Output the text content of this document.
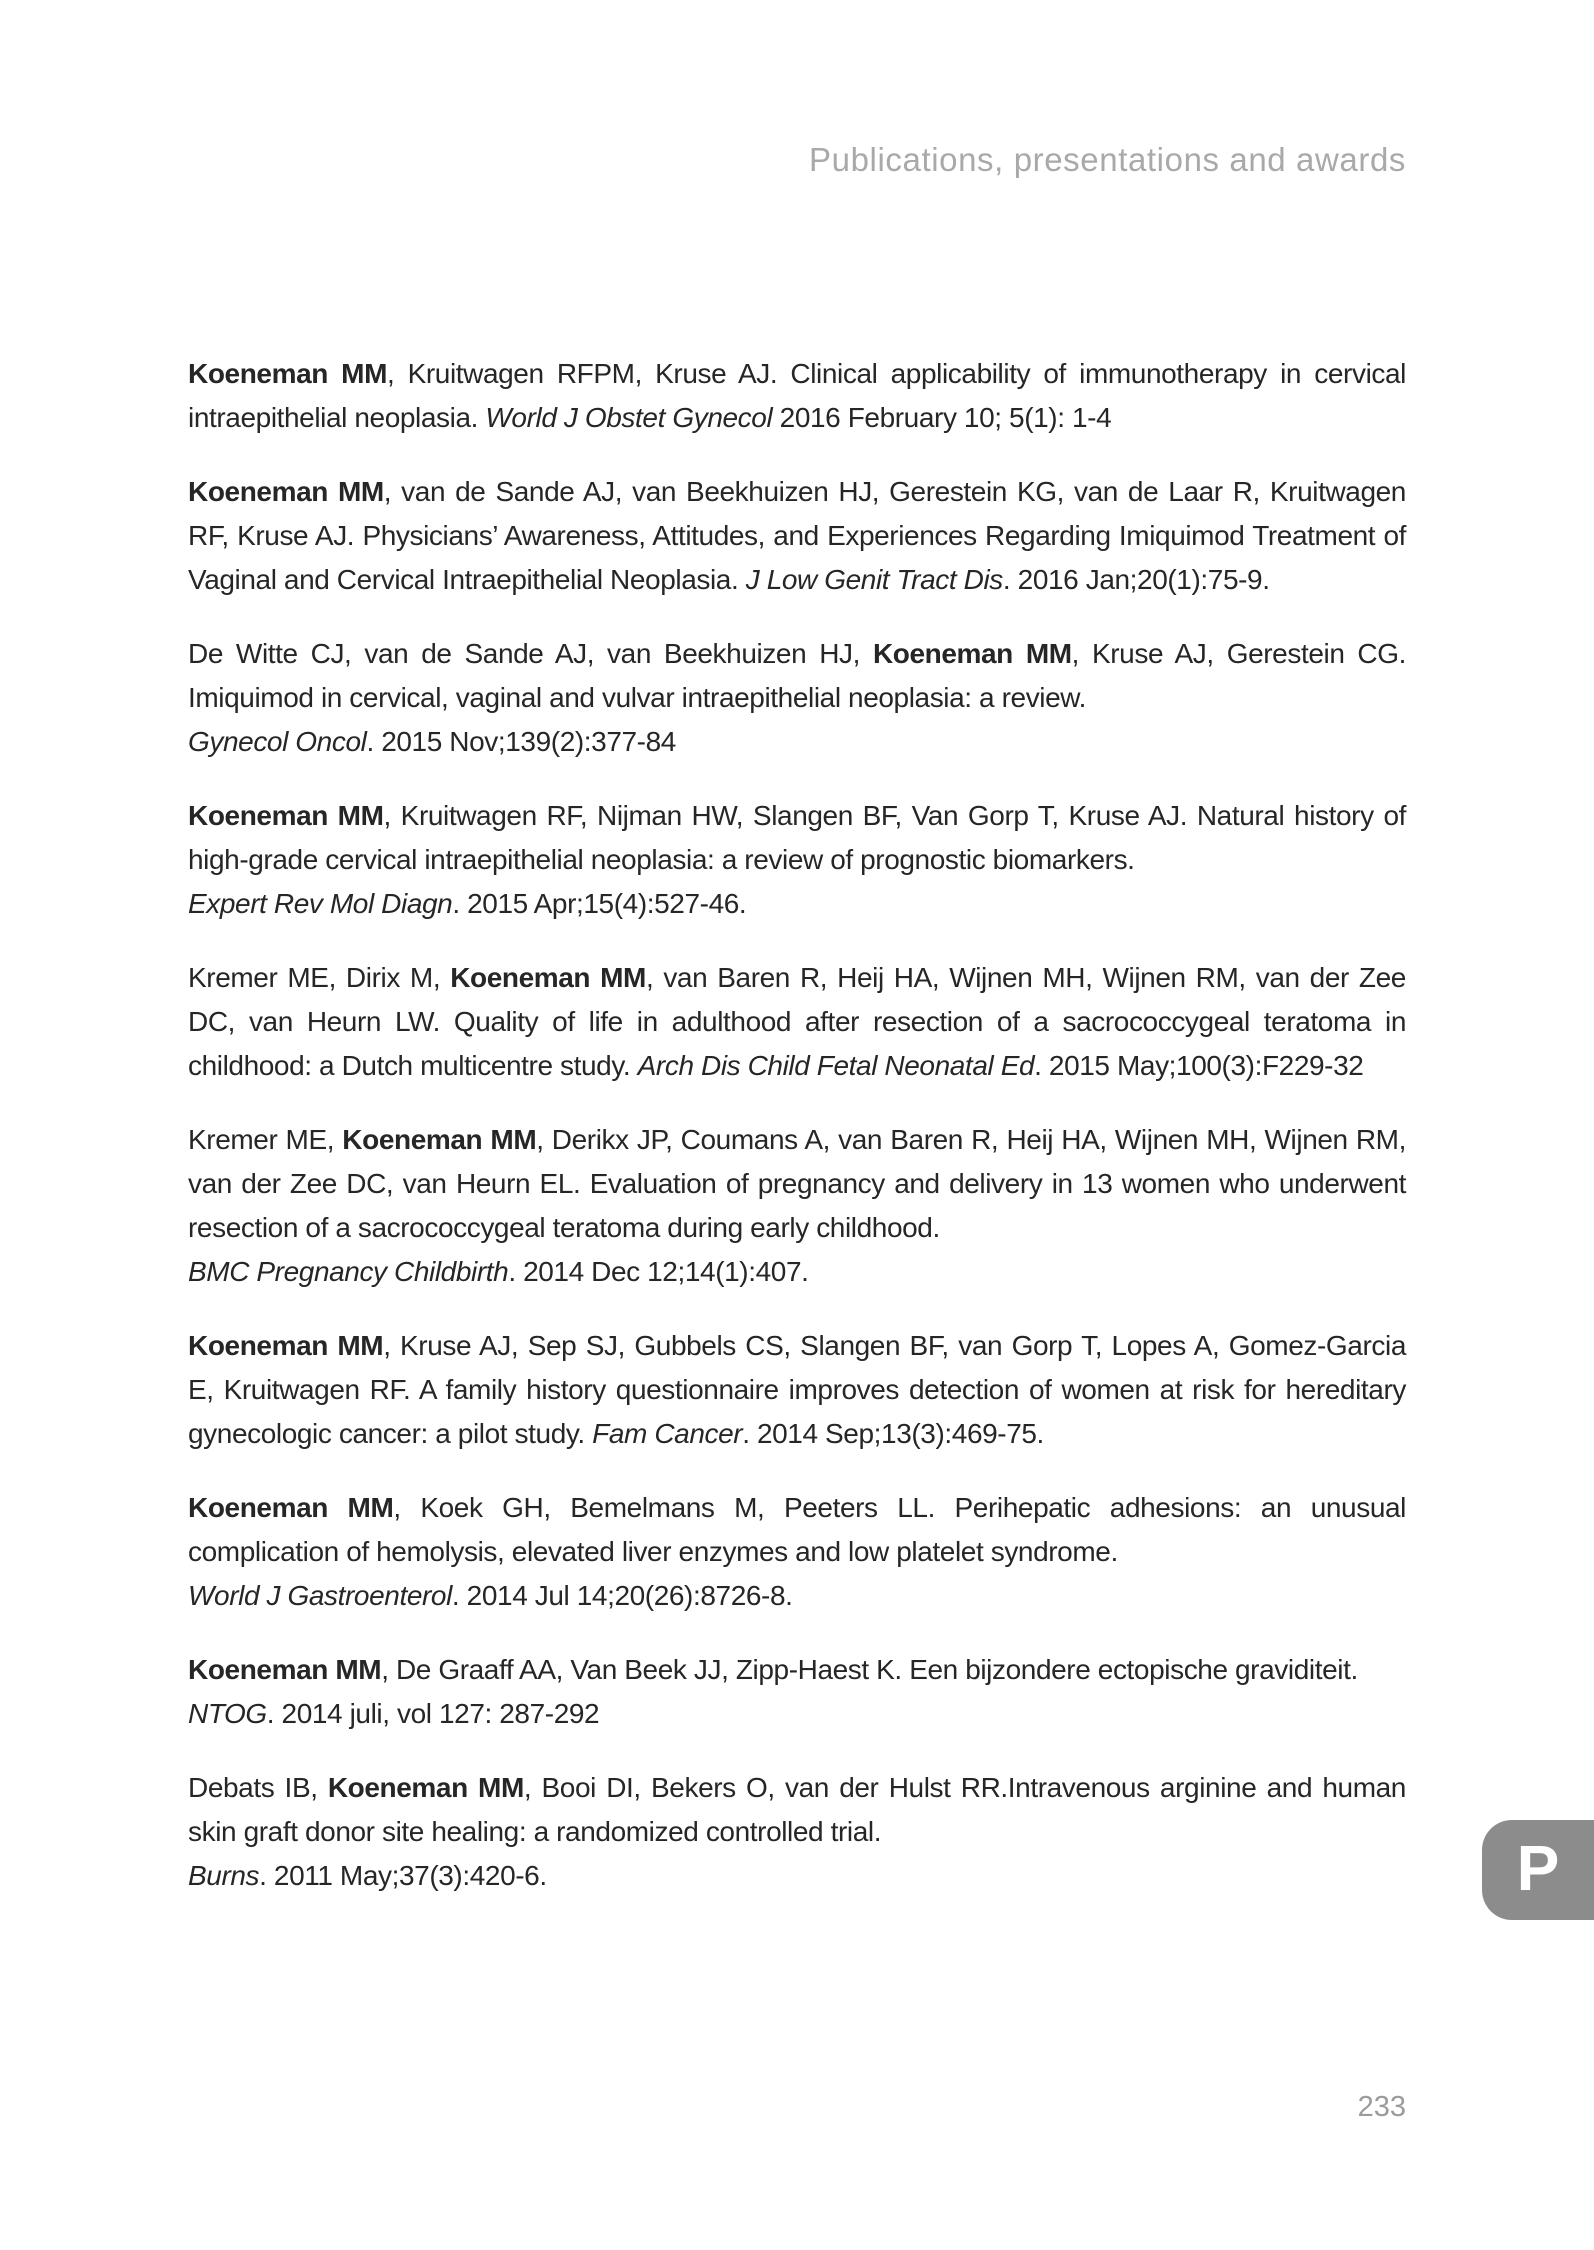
Publications, presentations and awards

Koeneman MM, Kruitwagen RFPM, Kruse AJ. Clinical applicability of immunotherapy in cervical intraepithelial neoplasia. World J Obstet Gynecol 2016 February 10; 5(1): 1-4

Koeneman MM, van de Sande AJ, van Beekhuizen HJ, Gerestein KG, van de Laar R, Kruitwagen RF, Kruse AJ. Physicians’ Awareness, Attitudes, and Experiences Regarding Imiquimod Treatment of Vaginal and Cervical Intraepithelial Neoplasia. J Low Genit Tract Dis. 2016 Jan;20(1):75-9.

De Witte CJ, van de Sande AJ, van Beekhuizen HJ, Koeneman MM, Kruse AJ, Gerestein CG. Imiquimod in cervical, vaginal and vulvar intraepithelial neoplasia: a review.
Gynecol Oncol. 2015 Nov;139(2):377-84

Koeneman MM, Kruitwagen RF, Nijman HW, Slangen BF, Van Gorp T, Kruse AJ. Natural history of high-grade cervical intraepithelial neoplasia: a review of prognostic biomarkers.
Expert Rev Mol Diagn. 2015 Apr;15(4):527-46.

Kremer ME, Dirix M, Koeneman MM, van Baren R, Heij HA, Wijnen MH, Wijnen RM, van der Zee DC, van Heurn LW. Quality of life in adulthood after resection of a sacrococcygeal teratoma in childhood: a Dutch multicentre study. Arch Dis Child Fetal Neonatal Ed. 2015 May;100(3):F229-32

Kremer ME, Koeneman MM, Derikx JP, Coumans A, van Baren R, Heij HA, Wijnen MH, Wijnen RM, van der Zee DC, van Heurn EL. Evaluation of pregnancy and delivery in 13 women who underwent resection of a sacrococcygeal teratoma during early childhood.
BMC Pregnancy Childbirth. 2014 Dec 12;14(1):407.

Koeneman MM, Kruse AJ, Sep SJ, Gubbels CS, Slangen BF, van Gorp T, Lopes A, Gomez-Garcia E, Kruitwagen RF. A family history questionnaire improves detection of women at risk for hereditary gynecologic cancer: a pilot study. Fam Cancer. 2014 Sep;13(3):469-75.

Koeneman MM, Koek GH, Bemelmans M, Peeters LL. Perihepatic adhesions: an unusual complication of hemolysis, elevated liver enzymes and low platelet syndrome.
World J Gastroenterol. 2014 Jul 14;20(26):8726-8.

Koeneman MM, De Graaff AA, Van Beek JJ, Zipp-Haest K. Een bijzondere ectopische graviditeit.
NTOG. 2014 juli, vol 127: 287-292

Debats IB, Koeneman MM, Booi DI, Bekers O, van der Hulst RR.Intravenous arginine and human skin graft donor site healing: a randomized controlled trial.
Burns. 2011 May;37(3):420-6.	P
233
